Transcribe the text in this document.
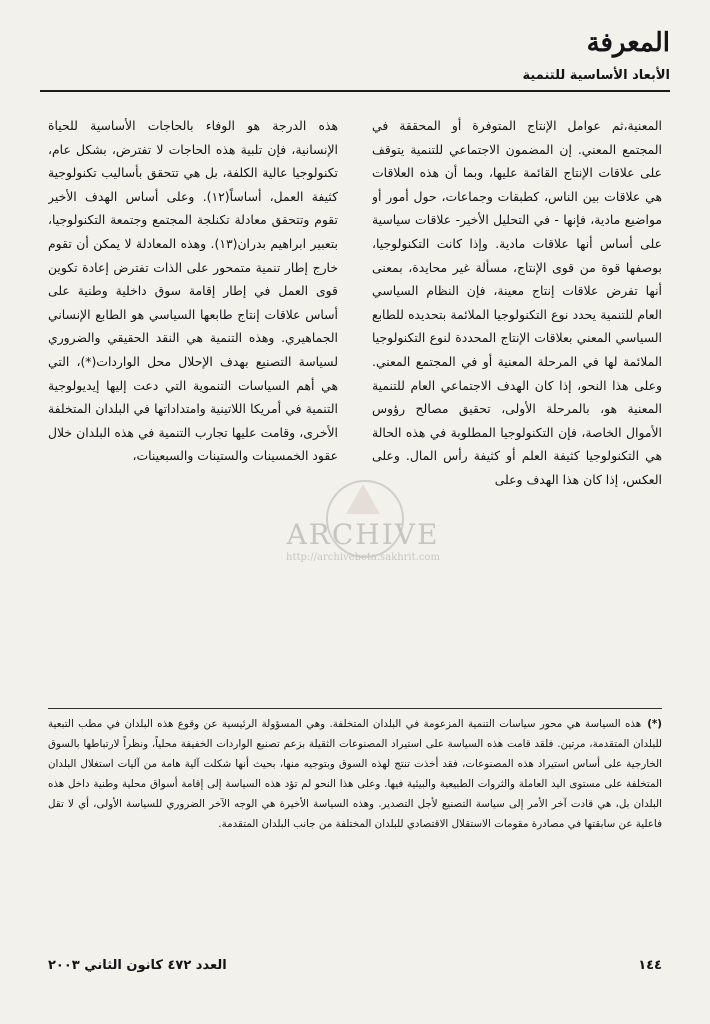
المعرفة
الأبعاد الأساسية للتنمية

المعنية،ثم عوامل الإنتاج المتوفرة أو المحققة في المجتمع المعني. إن المضمون الاجتماعي للتنمية يتوقف على علاقات الإنتاج القائمة عليها، وبما أن هذه العلاقات هي علاقات بين الناس، كطبقات وجماعات، حول أمور أو مواضيع مادية، فإنها - في التحليل الأخير- علاقات سياسية على أساس أنها علاقات مادية. وإذا كانت التكنولوجيا، بوصفها قوة من قوى الإنتاج، مسألة غير محايدة، بمعنى أنها تفرض علاقات إنتاج معينة، فإن النظام السياسي العام للتنمية يحدد نوع التكنولوجيا الملائمة بتحديده للطابع السياسي المعني بعلاقات الإنتاج المحددة لنوع التكنولوجيا الملائمة لها في المرحلة المعنية أو في المجتمع المعني. وعلى هذا النحو، إذا كان الهدف الاجتماعي العام للتنمية المعنية هو، بالمرحلة الأولى، تحقيق مصالح رؤوس الأموال الخاصة، فإن التكنولوجيا المطلوبة في هذه الحالة هي التكنولوجيا كثيفة العلم أو كثيفة رأس المال. وعلى العكس، إذا كان هذا الهدف وعلى

هذه الدرجة هو الوفاء بالحاجات الأساسية للحياة الإنسانية، فإن تلبية هذه الحاجات لا تفترض، بشكل عام، تكنولوجيا عالية الكلفة، بل هي تتحقق بأساليب تكنولوجية كثيفة العمل، أساساً(١٢). وعلى أساس الهدف الأخير تقوم وتتحقق معادلة تكنلجة المجتمع وجتمعة التكنولوجيا، بتعبير ابراهيم بدران(١٣). وهذه المعادلة لا يمكن أن تقوم خارج إطار تنمية متمحور على الذات تفترض إعادة تكوين قوى العمل في إطار إقامة سوق داخلية وطنية على أساس علاقات إنتاج طابعها السياسي هو الطابع الإنساني الجماهيري. وهذه التنمية هي النقد الحقيقي والضروري لسياسة التصنيع بهدف الإحلال محل الواردات(*)، التي هي أهم السياسات التنموية التي دعت إليها إيديولوجية التنمية في أمريكا اللاتينية وامتداداتها في البلدان المتخلفة الأخرى، وقامت عليها تجارب التنمية في هذه البلدان خلال عقود الخمسينات والستينات والسبعينات،

ARCHIVE
http://archivebeta.sakhrit.com

(*)هذه السياسة هي محور سياسات التنمية المزعومة في البلدان المتخلفة. وهي المسؤولة الرئيسية عن وقوع هذه البلدان في مطب التبعية للبلدان المتقدمة، مرتين. فلقد قامت هذه السياسة على استيراد المصنوعات الثقيلة بزعم تصنيع الواردات الخفيفة محلياً، ونظراً لارتباطها بالسوق الخارجية على أساس استيراد هذه المصنوعات، فقد أخذت تنتج لهذه السوق وبتوجيه منها، بحيث أنها شكلت آلية هامة من آليات استغلال البلدان المتخلفة على مستوى اليد العاملة والثروات الطبيعية والبيئية فيها. وعلى هذا النحو لم تؤد هذه السياسة إلى إقامة أسواق محلية وطنية داخل هذه البلدان بل، هي قادت آخر الأمر إلى سياسة التصنيع لأجل التصدير. وهذه السياسة الأخيرة هي الوجه الآخر الضروري للسياسة الأولى، أي لا تقل فاعلية عن سابقتها في مصادرة مقومات الاستقلال الاقتصادي للبلدان المختلفة من جانب البلدان المتقدمة.

١٤٤
العدد ٤٧٢ كانون الثاني ٢٠٠٣
